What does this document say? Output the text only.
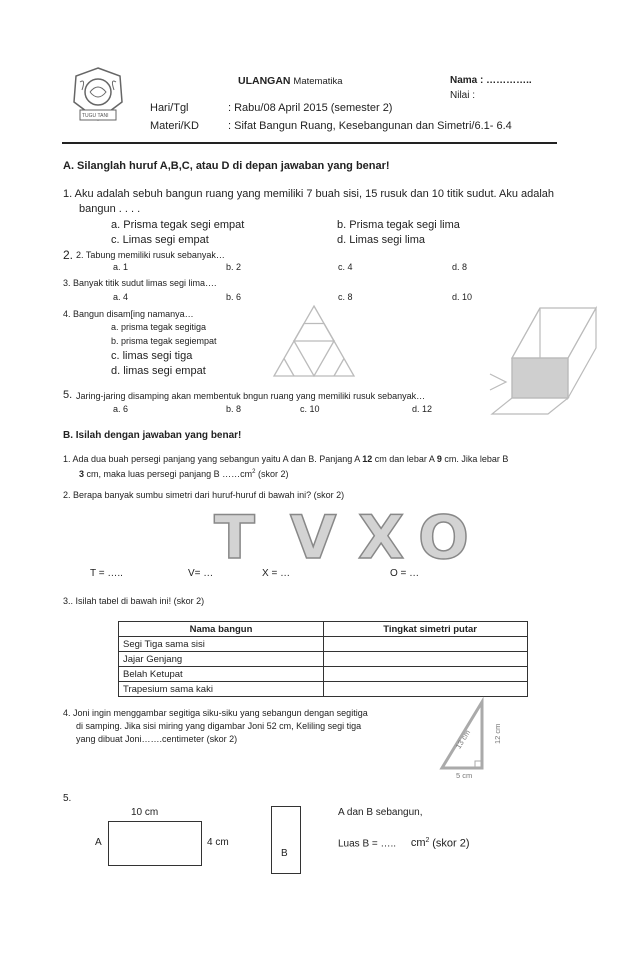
TUGU TANI
ULANGAN Matematika	Nama : …………..
Nilai :
Hari/Tgl	: Rabu/08 April 2015 (semester 2)
Materi/KD	: Sifat Bangun Ruang, Kesebangunan dan Simetri/6.1- 6.4
A. Silanglah huruf A,B,C, atau D di depan jawaban yang benar!
1. Aku adalah sebuh bangun ruang yang memiliki 7 buah sisi, 15 rusuk dan 10 titik sudut. Aku adalah
bangun . . . .
a. Prisma tegak segi empat	b. Prisma tegak segi lima
c. Limas segi empat	d. Limas segi lima
2. 2. Tabung memiliki rusuk sebanyak…
a. 1	b. 2	c. 4	d. 8
3. Banyak titik sudut limas segi lima….
a. 4	b. 6	c. 8	d. 10
4. Bangun disam[ing namanya…
a. prisma tegak segitiga
b. prisma tegak segiempat
c. limas segi tiga
d. limas segi empat
5. Jaring-jaring disamping akan membentuk bngun ruang yang memiliki rusuk sebanyak…
a. 6	b. 8	c. 10	d. 12
B. Isilah dengan jawaban yang benar!
1. Ada dua buah persegi panjang yang sebangun yaitu A dan B. Panjang A 12 cm dan lebar A 9 cm. Jika lebar B
3 cm, maka luas persegi panjang B $\dots\dots cm^2$ (skor 2)
2. Berapa banyak sumbu simetri dari huruf-huruf di bawah ini? (skor 2)
T V X O
T = …..	V= …	X = …	O = …
3.. Isilah tabel di bawah ini! (skor 2)
Nama bangun	Tingkat simetri putar
Segi Tiga sama sisi	
Jajar Genjang	
Belah Ketupat	
Trapesium sama kaki	
4. Joni ingin menggambar segitiga siku-siku yang sebangun dengan segitiga
di samping. Jika sisi miring yang digambar Joni 52 cm, Keliling segi tiga
yang dibuat Joni…….centimeter (skor 2)	13 cm	12 cm
5 cm
5.
10 cm
A	4 cm
B
A dan B sebangun,
Luas B = ….. $cm^2$ (skor 2)
